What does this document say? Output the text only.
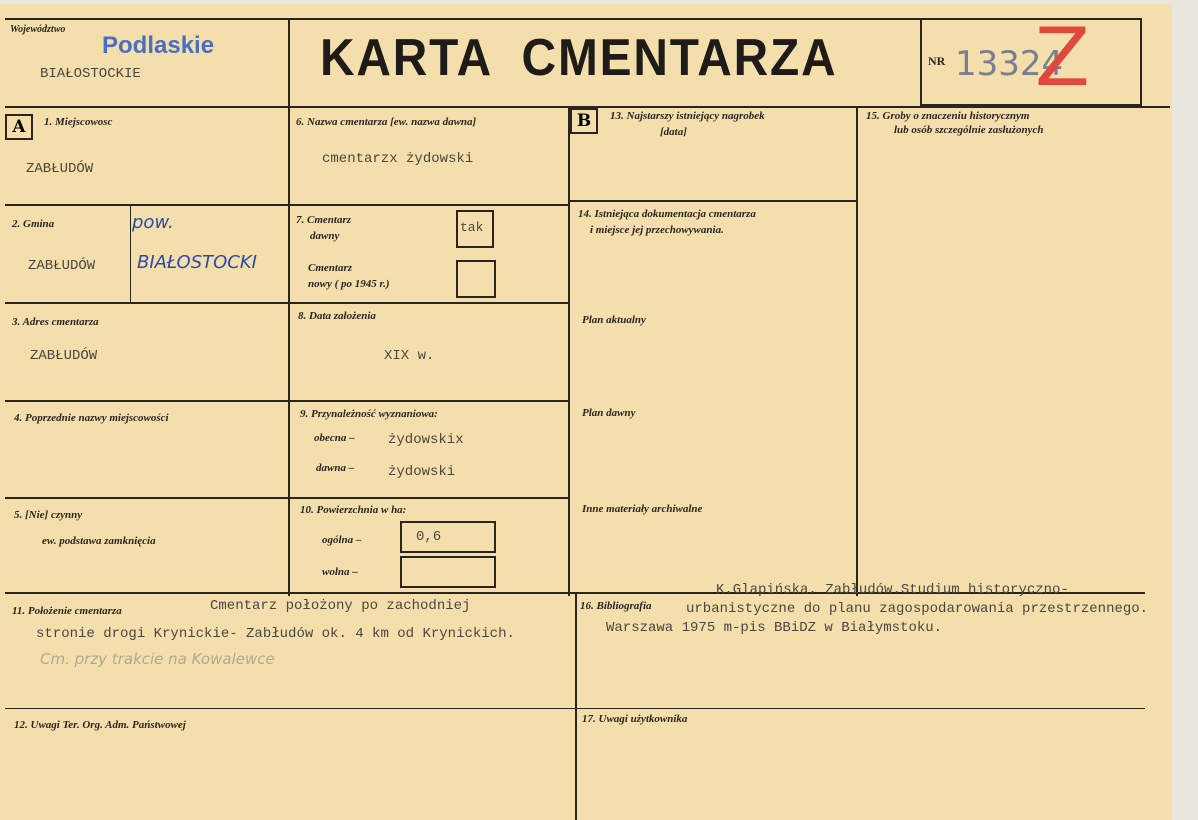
Województwo
Podlaskie
BIAŁOSTOCKIE	KARTA  CMENTARZA	NR 13324
Z
A	B
1. Miejscowosc
ZABŁUDÓW
2. Gmina
ZABŁUDÓW
pow.
BIAŁOSTOCKI
3. Adres cmentarza
ZABŁUDÓW
4. Poprzednie nazwy miejscowości
5. [Nie] czynny
ew. podstawa zamknięcia
6. Nazwa cmentarza [ew. nazwa dawna]
cmentarzx żydowski
7. Cmentarz
dawny
tak
Cmentarz
nowy ( po 1945 r.)
8. Data założenia
XIX w.
9. Przynależność wyznaniowa:
obecna – żydowskix
dawna – żydowski
10. Powierzchnia w ha:
ogólna –	0,6
wolna –
13. Najstarszy istniejący nagrobek
[data]
14. Istniejąca dokumentacja cmentarza
i miejsce jej przechowywania.
Plan aktualny
Plan dawny
Inne materiały archiwalne
15. Groby o znaczeniu historycznym
lub osób szczególnie zasłużonych
11. Położenie cmentarza	Cmentarz położony po zachodniej
stronie drogi Krynickie- Zabłudów ok. 4 km od Krynickich.
Cm. przy trakcie na Kowalewce
12. Uwagi Ter. Org. Adm. Państwowej
16. Bibliografia
K.Glapińska. Zabłudów.Studium historyczno-
urbanistyczne do planu zagospodarowania przestrzennego.
Warszawa 1975 m-pis BBiDZ w Białymstoku.
17. Uwagi użytkownika
